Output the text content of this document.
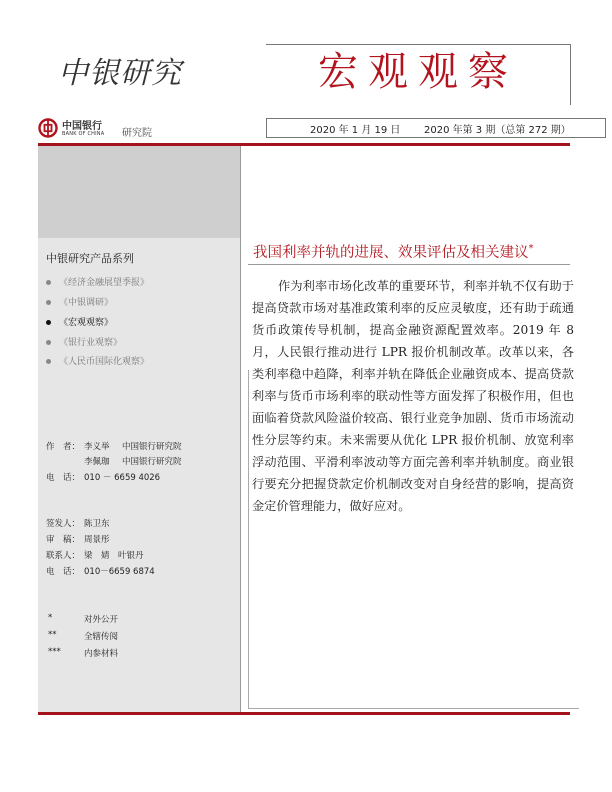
中银研究	宏观观察
中国银行
BANK OF CHINA 研究院	2020 年 1 月 19 日 2020 年第 3 期（总第 272 期）
中银研究产品系列
《经济金融展望季报》
《中银调研》
《宏观观察》
《银行业观察》
《人民币国际化观察》
作　者： 李义举 中国银行研究院
李佩珈 中国银行研究院
电　话： 010 － 6659 4026
签发人： 陈卫东
审　稿： 周景彤
联系人： 梁　婧　叶银丹
电　话： 010－6659 6874
*	对外公开
**	全辖传阅
***	内参材料
我国利率并轨的进展、效果评估及相关建议*
作为利率市场化改革的重要环节，利率并轨不仅有助于提高贷款市场对基准政策利率的反应灵敏度，还有助于疏通货币政策传导机制，提高金融资源配置效率。2019 年 8 月，人民银行推动进行 LPR 报价机制改革。改革以来，各类利率稳中趋降，利率并轨在降低企业融资成本、提高贷款利率与货币市场利率的联动性等方面发挥了积极作用，但也面临着贷款风险溢价较高、银行业竞争加剧、货币市场流动性分层等约束。未来需要从优化 LPR 报价机制、放宽利率浮动范围、平滑利率波动等方面完善利率并轨制度。商业银行要充分把握贷款定价机制改变对自身经营的影响，提高资金定价管理能力，做好应对。
